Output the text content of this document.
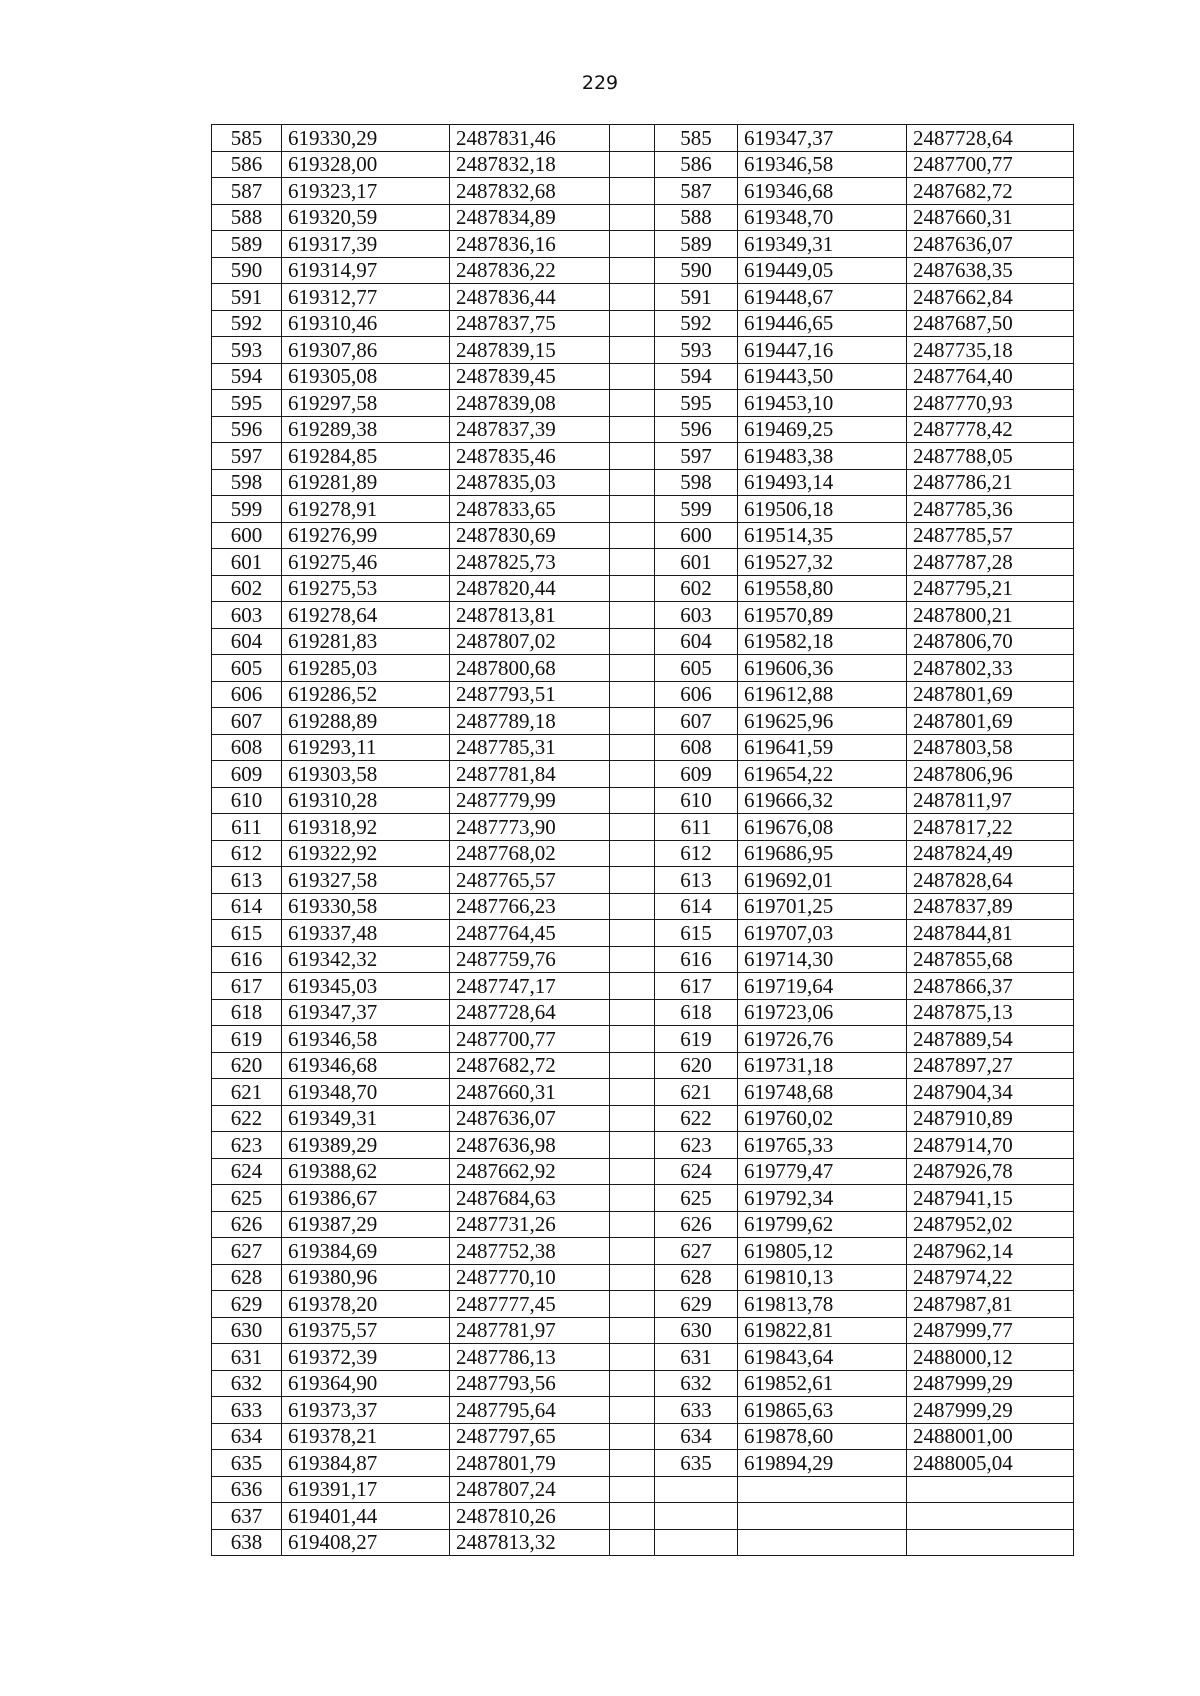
229
585	619330,29	2487831,46		585	619347,37	2487728,64
586	619328,00	2487832,18		586	619346,58	2487700,77
587	619323,17	2487832,68		587	619346,68	2487682,72
588	619320,59	2487834,89		588	619348,70	2487660,31
589	619317,39	2487836,16		589	619349,31	2487636,07
590	619314,97	2487836,22		590	619449,05	2487638,35
591	619312,77	2487836,44		591	619448,67	2487662,84
592	619310,46	2487837,75		592	619446,65	2487687,50
593	619307,86	2487839,15		593	619447,16	2487735,18
594	619305,08	2487839,45		594	619443,50	2487764,40
595	619297,58	2487839,08		595	619453,10	2487770,93
596	619289,38	2487837,39		596	619469,25	2487778,42
597	619284,85	2487835,46		597	619483,38	2487788,05
598	619281,89	2487835,03		598	619493,14	2487786,21
599	619278,91	2487833,65		599	619506,18	2487785,36
600	619276,99	2487830,69		600	619514,35	2487785,57
601	619275,46	2487825,73		601	619527,32	2487787,28
602	619275,53	2487820,44		602	619558,80	2487795,21
603	619278,64	2487813,81		603	619570,89	2487800,21
604	619281,83	2487807,02		604	619582,18	2487806,70
605	619285,03	2487800,68		605	619606,36	2487802,33
606	619286,52	2487793,51		606	619612,88	2487801,69
607	619288,89	2487789,18		607	619625,96	2487801,69
608	619293,11	2487785,31		608	619641,59	2487803,58
609	619303,58	2487781,84		609	619654,22	2487806,96
610	619310,28	2487779,99		610	619666,32	2487811,97
611	619318,92	2487773,90		611	619676,08	2487817,22
612	619322,92	2487768,02		612	619686,95	2487824,49
613	619327,58	2487765,57		613	619692,01	2487828,64
614	619330,58	2487766,23		614	619701,25	2487837,89
615	619337,48	2487764,45		615	619707,03	2487844,81
616	619342,32	2487759,76		616	619714,30	2487855,68
617	619345,03	2487747,17		617	619719,64	2487866,37
618	619347,37	2487728,64		618	619723,06	2487875,13
619	619346,58	2487700,77		619	619726,76	2487889,54
620	619346,68	2487682,72		620	619731,18	2487897,27
621	619348,70	2487660,31		621	619748,68	2487904,34
622	619349,31	2487636,07		622	619760,02	2487910,89
623	619389,29	2487636,98		623	619765,33	2487914,70
624	619388,62	2487662,92		624	619779,47	2487926,78
625	619386,67	2487684,63		625	619792,34	2487941,15
626	619387,29	2487731,26		626	619799,62	2487952,02
627	619384,69	2487752,38		627	619805,12	2487962,14
628	619380,96	2487770,10		628	619810,13	2487974,22
629	619378,20	2487777,45		629	619813,78	2487987,81
630	619375,57	2487781,97		630	619822,81	2487999,77
631	619372,39	2487786,13		631	619843,64	2488000,12
632	619364,90	2487793,56		632	619852,61	2487999,29
633	619373,37	2487795,64		633	619865,63	2487999,29
634	619378,21	2487797,65		634	619878,60	2488001,00
635	619384,87	2487801,79		635	619894,29	2488005,04
636	619391,17	2487807,24				
637	619401,44	2487810,26				
638	619408,27	2487813,32				
